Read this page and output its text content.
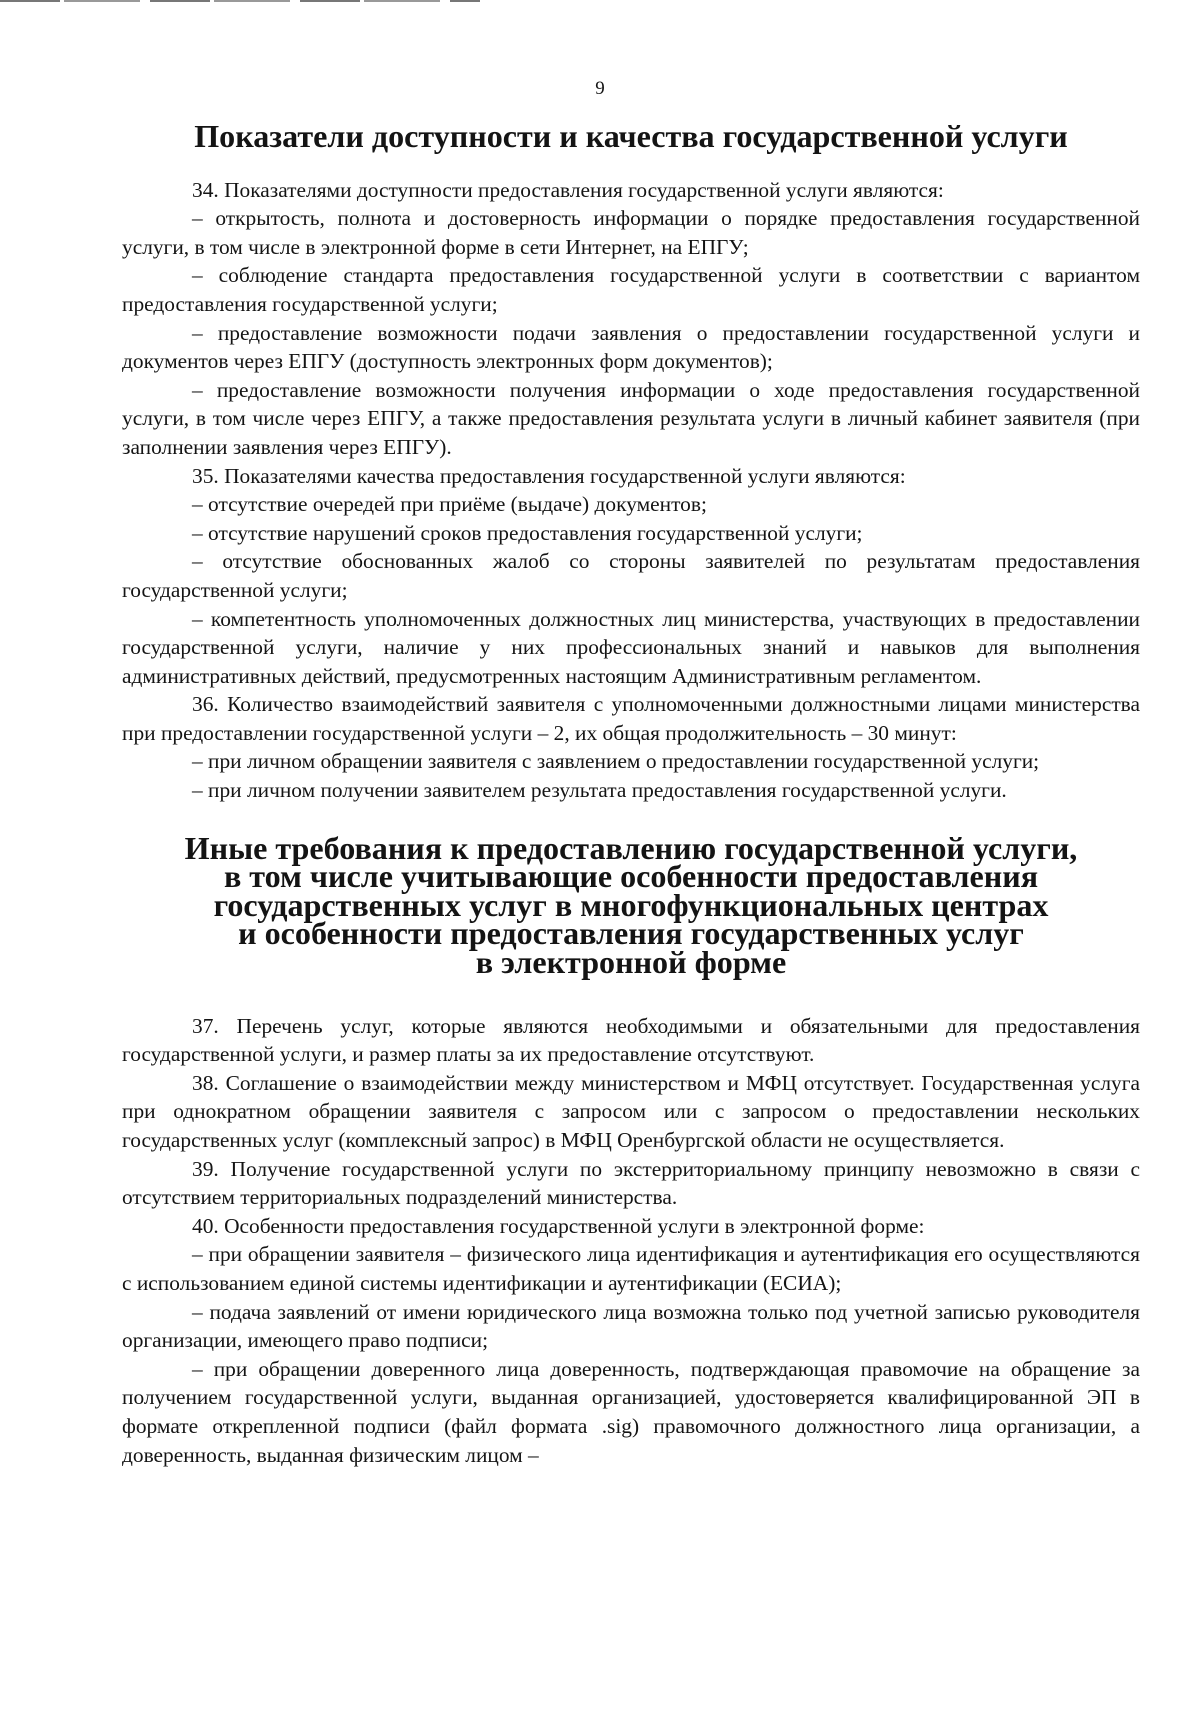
9
Показатели доступности и качества государственной услуги

34. Показателями доступности предоставления государственной услуги являются:

– открытость, полнота и достоверность информации о порядке предоставления государственной услуги, в том числе в электронной форме в сети Интернет, на ЕПГУ;

– соблюдение стандарта предоставления государственной услуги в соответствии с вариантом предоставления государственной услуги;

– предоставление возможности подачи заявления о предоставлении государственной услуги и документов через ЕПГУ (доступность электронных форм документов);

– предоставление возможности получения информации о ходе предоставления государственной услуги, в том числе через ЕПГУ, а также предоставления результата услуги в личный кабинет заявителя (при заполнении заявления через ЕПГУ).

35. Показателями качества предоставления государственной услуги являются:

– отсутствие очередей при приёме (выдаче) документов;

– отсутствие нарушений сроков предоставления государственной услуги;

– отсутствие обоснованных жалоб со стороны заявителей по результатам предоставления государственной услуги;

– компетентность уполномоченных должностных лиц министерства, участвующих в предоставлении государственной услуги, наличие у них профессиональных знаний и навыков для выполнения административных действий, предусмотренных настоящим Административным регламентом.

36. Количество взаимодействий заявителя с уполномоченными должностными лицами министерства при предоставлении государственной услуги – 2, их общая продолжительность – 30 минут:

– при личном обращении заявителя с заявлением о предоставлении государственной услуги;

– при личном получении заявителем результата предоставления государственной услуги.

Иные требования к предоставлению государственной услуги,
в том числе учитывающие особенности предоставления
государственных услуг в многофункциональных центрах
и особенности предоставления государственных услуг
в электронной форме

37. Перечень услуг, которые являются необходимыми и обязательными для предоставления государственной услуги, и размер платы за их предоставление отсутствуют.

38. Соглашение о взаимодействии между министерством и МФЦ отсутствует. Государственная услуга при однократном обращении заявителя с запросом или с запросом о предоставлении нескольких государственных услуг (комплексный запрос) в МФЦ Оренбургской области не осуществляется.

39. Получение государственной услуги по экстерриториальному принципу невозможно в связи с отсутствием территориальных подразделений министерства.

40. Особенности предоставления государственной услуги в электронной форме:

– при обращении заявителя – физического лица идентификация и аутентификация его осуществляются с использованием единой системы идентификации и аутентификации (ЕСИА);

– подача заявлений от имени юридического лица возможна только под учетной записью руководителя организации, имеющего право подписи;

– при обращении доверенного лица доверенность, подтверждающая правомочие на обращение за получением государственной услуги, выданная организацией, удостоверяется квалифицированной ЭП в формате открепленной подписи (файл формата .sig) правомочного должностного лица организации, а доверенность, выданная физическим лицом –
